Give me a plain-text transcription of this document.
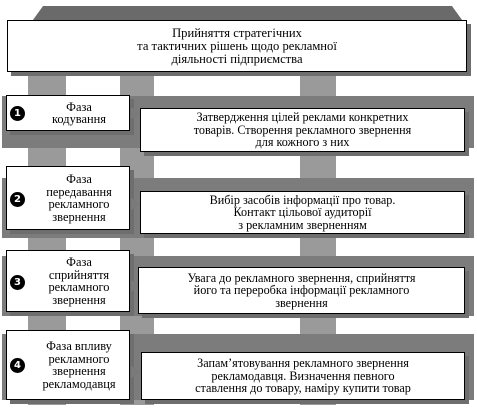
Прийняття стратегічних
та тактичних рішень щодо рекламної
діяльності підприємства
1	Фаза
кодування	Затвердження цілей реклами конкретних
товарів. Створення рекламного звернення
для кожного з них
2
Фаза
передавання
рекламного
звернення
Вибір засобів інформації про товар.
Контакт цільової аудиторії
з рекламним зверненням
3
Фаза
сприйняття
рекламного
звернення
Увага до рекламного звернення, сприйняття
його та переробка інформації рекламного
звернення
4
Фаза впливу
рекламного
звернення
рекламодавця
Запам’ятовування рекламного звернення
рекламодавця. Визначення певного
ставлення до товару, наміру купити товар
